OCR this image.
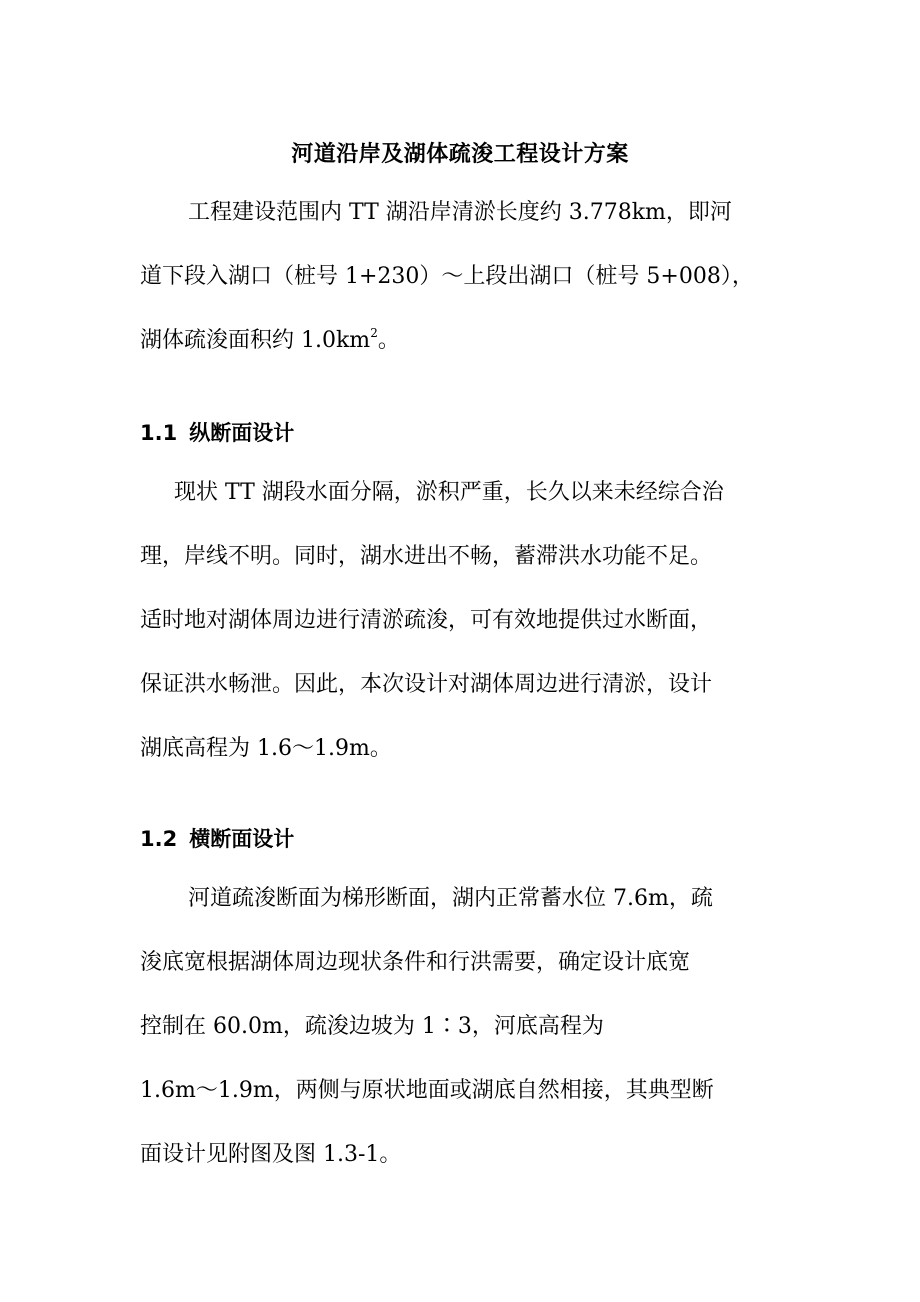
河道沿岸及湖体疏浚工程设计方案
工程建设范围内 TT 湖沿岸清淤长度约 3.778km，即河
道下段入湖口（桩号 1+230）～上段出湖口（桩号 5+008），
湖体疏浚面积约 $1.0km^2$。
1.1 纵断面设计
现状 TT 湖段水面分隔，淤积严重，长久以来未经综合治
理，岸线不明。同时，湖水进出不畅，蓄滞洪水功能不足。
适时地对湖体周边进行清淤疏浚，可有效地提供过水断面，
保证洪水畅泄。因此，本次设计对湖体周边进行清淤，设计
湖底高程为 1.6～1.9m。
1.2 横断面设计
河道疏浚断面为梯形断面，湖内正常蓄水位 7.6m，疏
浚底宽根据湖体周边现状条件和行洪需要，确定设计底宽
控制在 60.0m，疏浚边坡为 1∶3，河底高程为
1.6m～1.9m，两侧与原状地面或湖底自然相接，其典型断
面设计见附图及图 1.3-1。
